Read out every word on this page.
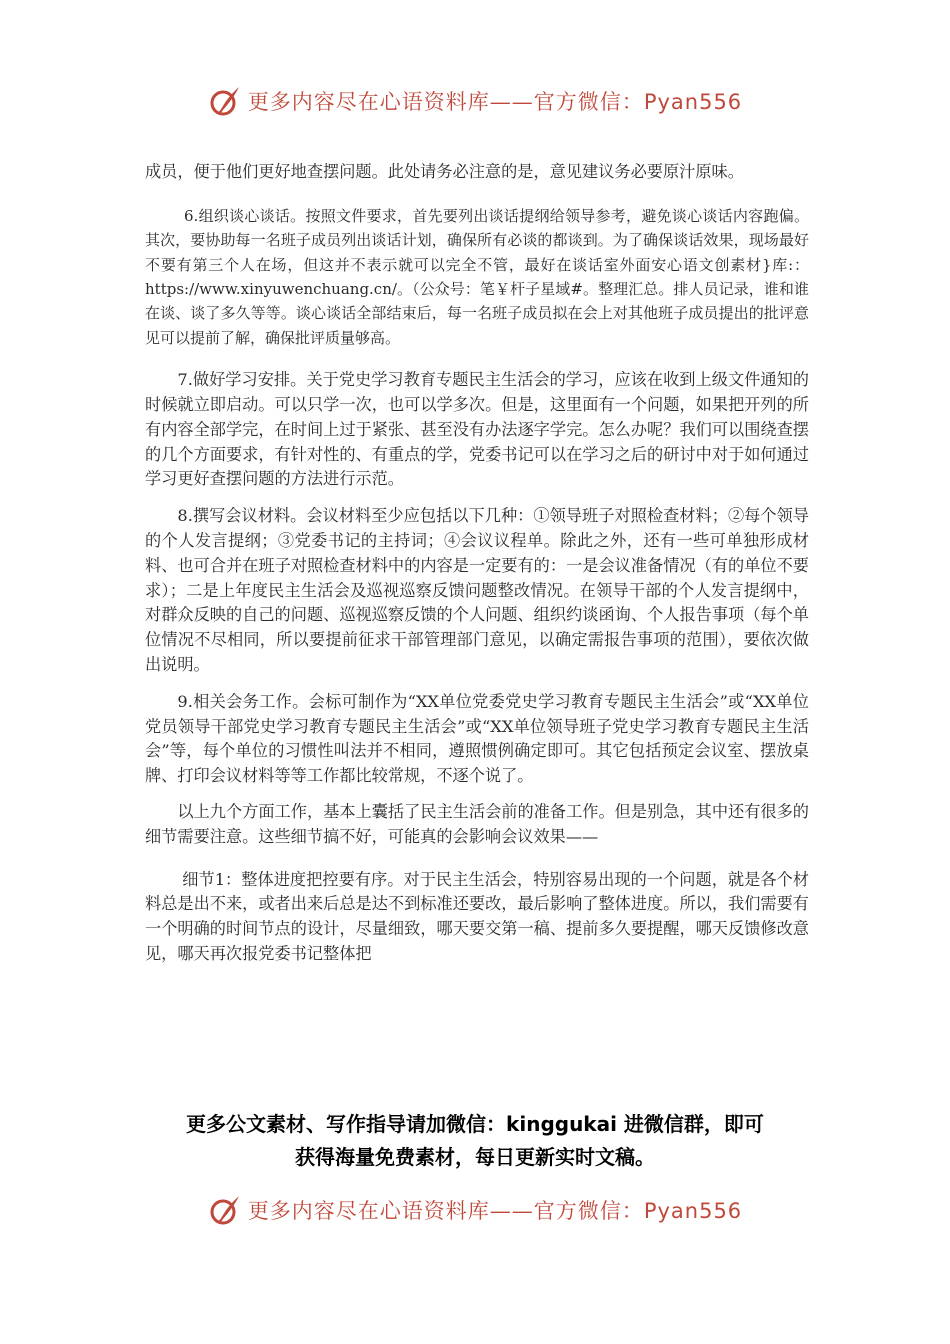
更多内容尽在心语资料库——官方微信：Pyan556

成员，便于他们更好地查摆问题。此处请务必注意的是，意见建议务必要原汁原味。

6.组织谈心谈话。按照文件要求，首先要列出谈话提纲给领导参考，避免谈心谈话内容跑偏。其次，要协助每一名班子成员列出谈话计划，确保所有必谈的都谈到。为了确保谈话效果，现场最好不要有第三个人在场，但这并不表示就可以完全不管，最好在谈话室外面安心语文创素材}库:：https://www.xinyuwenchuang.cn/。（公众号：笔￥杆子星域#。整理汇总。排人员记录，谁和谁在谈、谈了多久等等。谈心谈话全部结束后，每一名班子成员拟在会上对其他班子成员提出的批评意见可以提前了解，确保批评质量够高。

7.做好学习安排。关于党史学习教育专题民主生活会的学习，应该在收到上级文件通知的时候就立即启动。可以只学一次，也可以学多次。但是，这里面有一个问题，如果把开列的所有内容全部学完，在时间上过于紧张、甚至没有办法逐字学完。怎么办呢？我们可以围绕查摆的几个方面要求，有针对性的、有重点的学，党委书记可以在学习之后的研讨中对于如何通过学习更好查摆问题的方法进行示范。

8.撰写会议材料。会议材料至少应包括以下几种：①领导班子对照检查材料；②每个领导的个人发言提纲；③党委书记的主持词；④会议议程单。除此之外，还有一些可单独形成材料、也可合并在班子对照检查材料中的内容是一定要有的：一是会议准备情况（有的单位不要求）；二是上年度民主生活会及巡视巡察反馈问题整改情况。在领导干部的个人发言提纲中，对群众反映的自己的问题、巡视巡察反馈的个人问题、组织约谈函询、个人报告事项（每个单位情况不尽相同，所以要提前征求干部管理部门意见，以确定需报告事项的范围），要依次做出说明。

9.相关会务工作。会标可制作为“XX单位党委党史学习教育专题民主生活会”或“XX单位党员领导干部党史学习教育专题民主生活会”或“XX单位领导班子党史学习教育专题民主生活会”等，每个单位的习惯性叫法并不相同，遵照惯例确定即可。其它包括预定会议室、摆放桌牌、打印会议材料等等工作都比较常规，不逐个说了。

以上九个方面工作，基本上囊括了民主生活会前的准备工作。但是别急，其中还有很多的细节需要注意。这些细节搞不好，可能真的会影响会议效果——

细节1：整体进度把控要有序。对于民主生活会，特别容易出现的一个问题，就是各个材料总是出不来，或者出来后总是达不到标准还要改，最后影响了整体进度。所以，我们需要有一个明确的时间节点的设计，尽量细致，哪天要交第一稿、提前多久要提醒，哪天反馈修改意见，哪天再次报党委书记整体把

更多公文素材、写作指导请加微信：kinggukai 进微信群，即可
获得海量免费素材，每日更新实时文稿。
更多内容尽在心语资料库——官方微信：Pyan556
